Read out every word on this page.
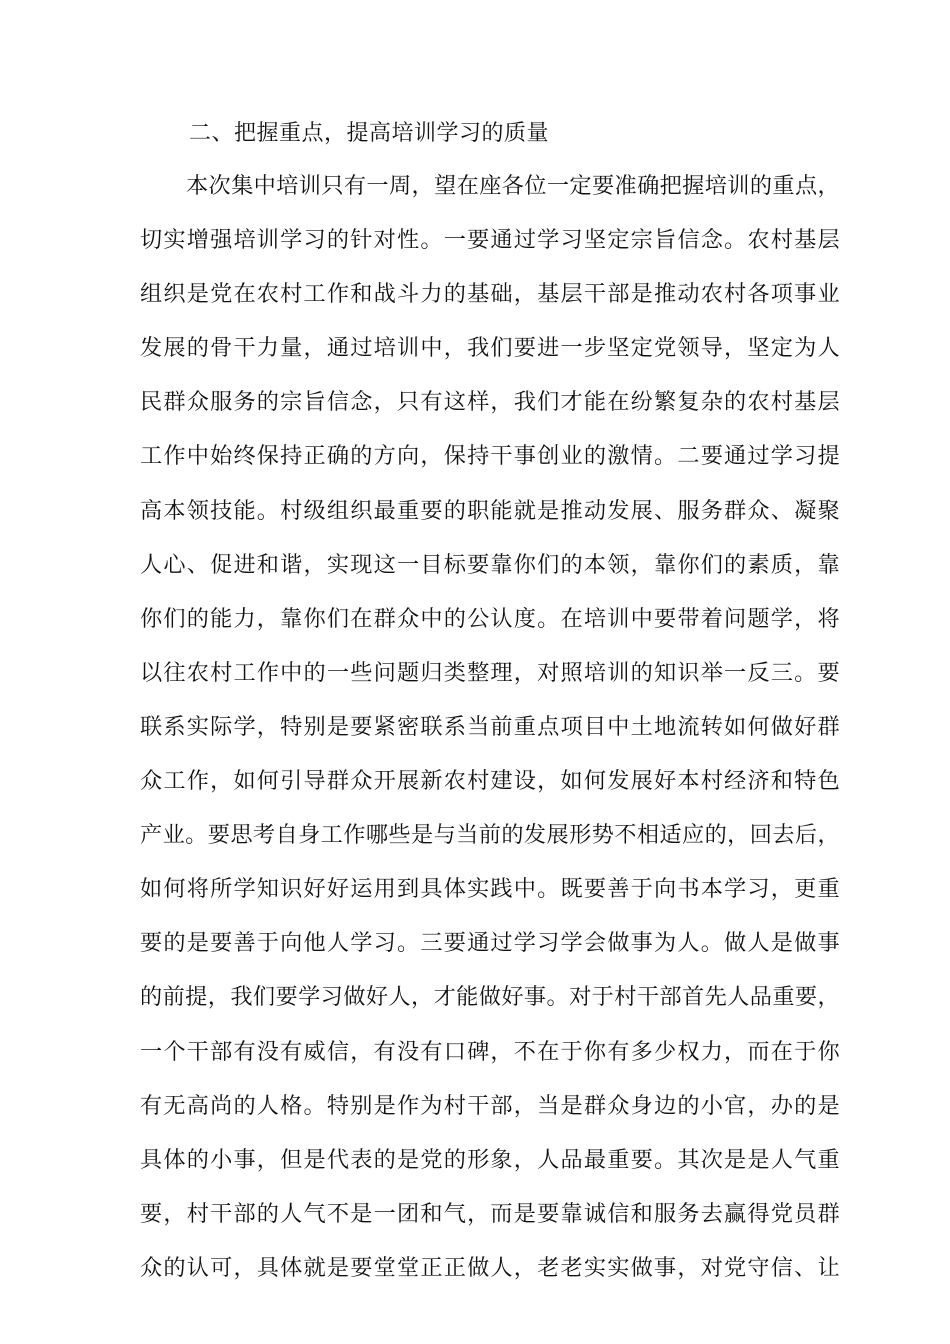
二、把握重点，提高培训学习的质量
本次集中培训只有一周，望在座各位一定要准确把握培训的重点，
切实增强培训学习的针对性。一要通过学习坚定宗旨信念。农村基层
组织是党在农村工作和战斗力的基础，基层干部是推动农村各项事业
发展的骨干力量，通过培训中，我们要进一步坚定党领导，坚定为人
民群众服务的宗旨信念，只有这样，我们才能在纷繁复杂的农村基层
工作中始终保持正确的方向，保持干事创业的激情。二要通过学习提
高本领技能。村级组织最重要的职能就是推动发展、服务群众、凝聚
人心、促进和谐，实现这一目标要靠你们的本领，靠你们的素质，靠
你们的能力，靠你们在群众中的公认度。在培训中要带着问题学，将
以往农村工作中的一些问题归类整理，对照培训的知识举一反三。要
联系实际学，特别是要紧密联系当前重点项目中土地流转如何做好群
众工作，如何引导群众开展新农村建设，如何发展好本村经济和特色
产业。要思考自身工作哪些是与当前的发展形势不相适应的，回去后，
如何将所学知识好好运用到具体实践中。既要善于向书本学习，更重
要的是要善于向他人学习。三要通过学习学会做事为人。做人是做事
的前提，我们要学习做好人，才能做好事。对于村干部首先人品重要，
一个干部有没有威信，有没有口碑，不在于你有多少权力，而在于你
有无高尚的人格。特别是作为村干部，当是群众身边的小官，办的是
具体的小事，但是代表的是党的形象，人品最重要。其次是是人气重
要，村干部的人气不是一团和气，而是要靠诚信和服务去赢得党员群
众的认可，具体就是要堂堂正正做人，老老实实做事，对党守信、让
